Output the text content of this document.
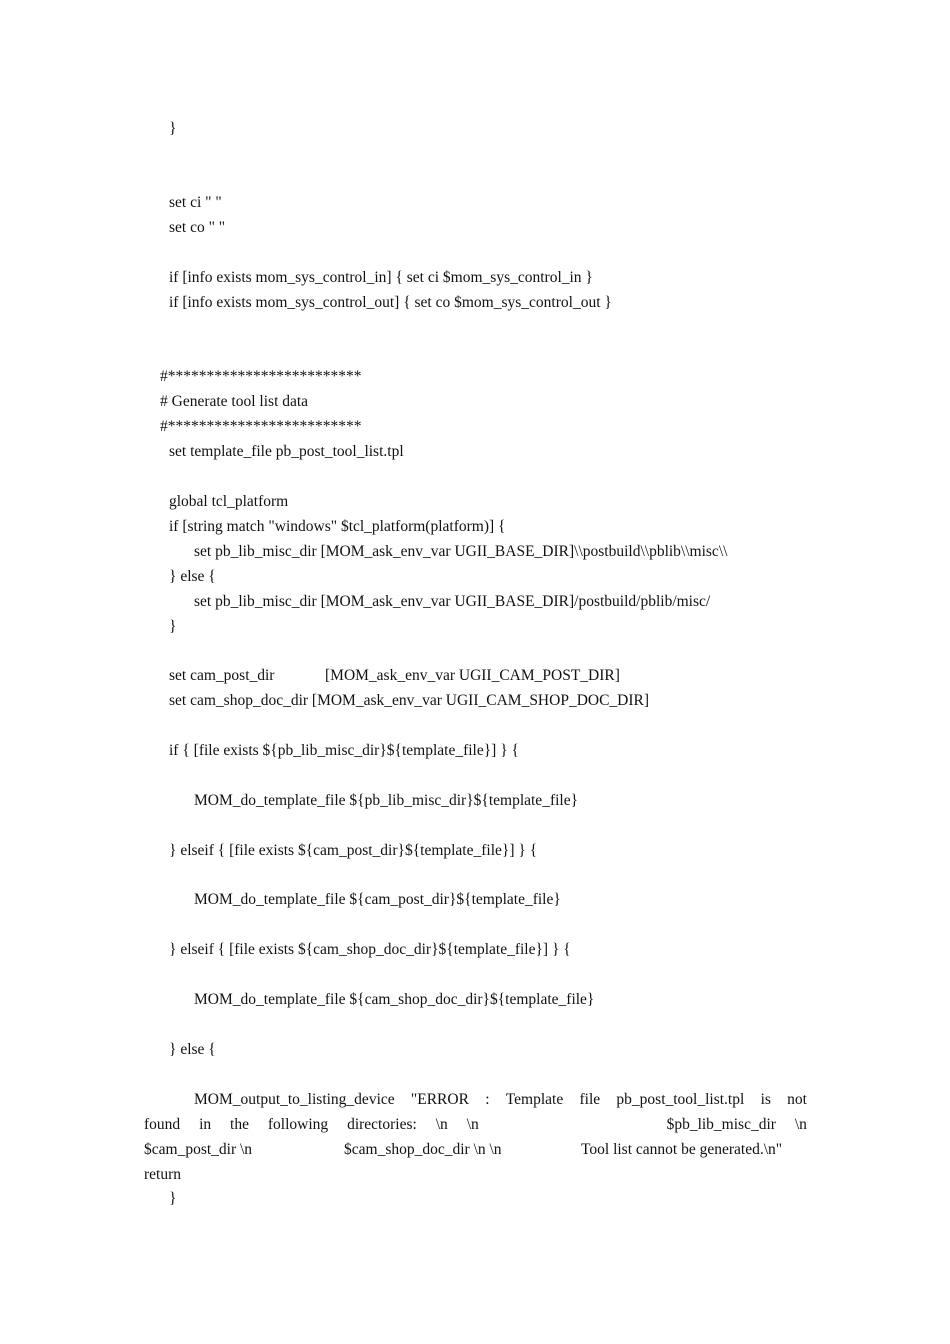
}
set ci " "
set co " "
if [info exists mom_sys_control_in] { set ci $mom_sys_control_in }
if [info exists mom_sys_control_out] { set co $mom_sys_control_out }
#*************************
# Generate tool list data
#*************************
set template_file pb_post_tool_list.tpl
global tcl_platform
if [string match "windows" $tcl_platform(platform)] {
set pb_lib_misc_dir [MOM_ask_env_var UGII_BASE_DIR]\\postbuild\\pblib\\misc\\
} else {
set pb_lib_misc_dir [MOM_ask_env_var UGII_BASE_DIR]/postbuild/pblib/misc/
}
set cam_post_dir	[MOM_ask_env_var UGII_CAM_POST_DIR]
set cam_shop_doc_dir [MOM_ask_env_var UGII_CAM_SHOP_DOC_DIR]
if { [file exists ${pb_lib_misc_dir}${template_file}] } {
MOM_do_template_file ${pb_lib_misc_dir}${template_file}
} elseif { [file exists ${cam_post_dir}${template_file}] } {
MOM_do_template_file ${cam_post_dir}${template_file}
} elseif { [file exists ${cam_shop_doc_dir}${template_file}] } {
MOM_do_template_file ${cam_shop_doc_dir}${template_file}
} else {
MOM_output_to_listing_device "ERROR : Template file pb_post_tool_list.tpl is not
found in the following directories: \n \n	$pb_lib_misc_dir \n
$cam_post_dir \n	$cam_shop_doc_dir \n \n	Tool list cannot be generated.\n"
return
}
